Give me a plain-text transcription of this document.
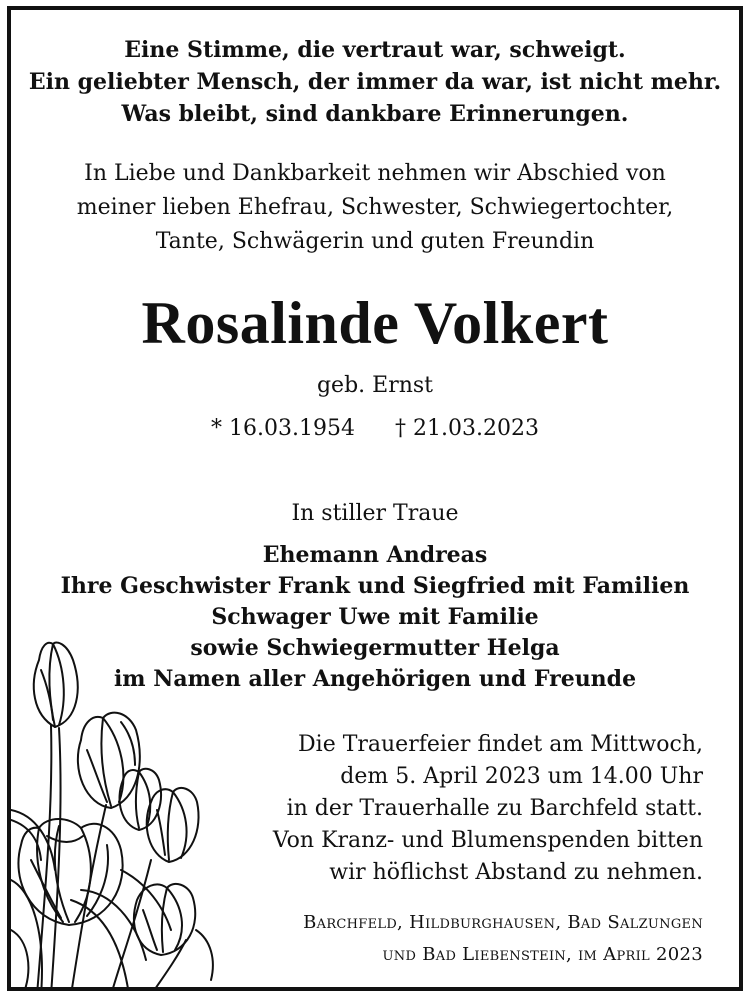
Eine Stimme, die vertraut war, schweigt.
Ein geliebter Mensch, der immer da war, ist nicht mehr.
Was bleibt, sind dankbare Erinnerungen.
In Liebe und Dankbarkeit nehmen wir Abschied von
meiner lieben Ehefrau, Schwester, Schwiegertochter,
Tante, Schwägerin und guten Freundin
Rosalinde Volkert
geb. Ernst
* 16.03.1954 † 21.03.2023
In stiller Traue
Ehemann Andreas
Ihre Geschwister Frank und Siegfried mit Familien
Schwager Uwe mit Familie
sowie Schwiegermutter Helga
im Namen aller Angehörigen und Freunde
Die Trauerfeier findet am Mittwoch,
dem 5. April 2023 um 14.00 Uhr
in der Trauerhalle zu Barchfeld statt.
Von Kranz- und Blumenspenden bitten
wir höflichst Abstand zu nehmen.
Barchfeld, Hildburghausen, Bad Salzungen
und Bad Liebenstein, im April 2023
